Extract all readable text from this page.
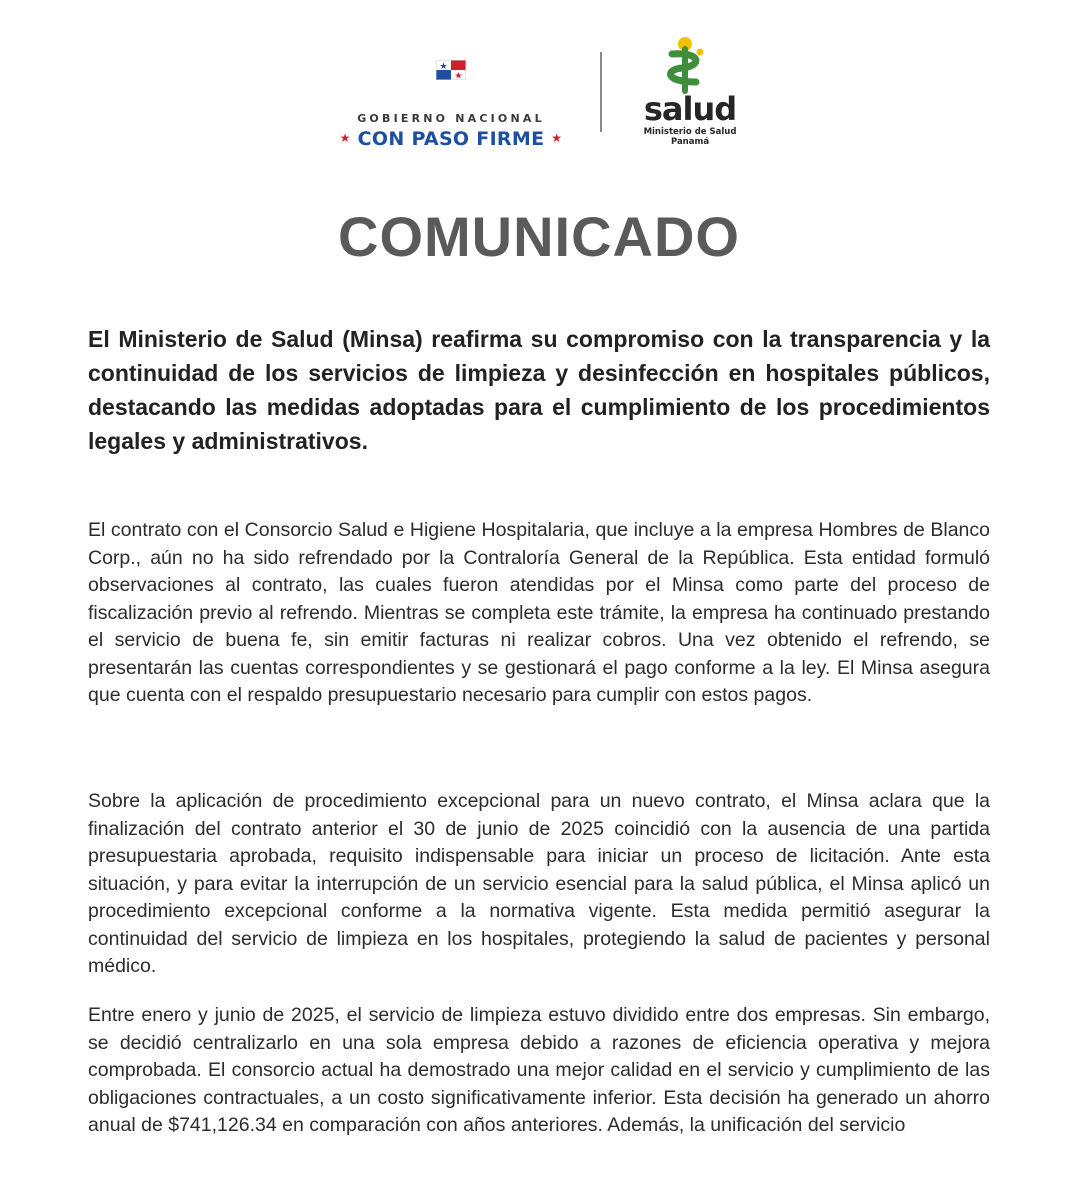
GOBIERNO NACIONAL
★ CON PASO FIRME ★
salud
Ministerio de Salud
Panamá
COMUNICADO
El Ministerio de Salud (Minsa) reafirma su compromiso con la transparencia y la continuidad de los servicios de limpieza y desinfección en hospitales públicos, destacando las medidas adoptadas para el cumplimiento de los procedimientos legales y administrativos.
El contrato con el Consorcio Salud e Higiene Hospitalaria, que incluye a la empresa Hombres de Blanco Corp., aún no ha sido refrendado por la Contraloría General de la República. Esta entidad formuló observaciones al contrato, las cuales fueron atendidas por el Minsa como parte del proceso de fiscalización previo al refrendo. Mientras se completa este trámite, la empresa ha continuado prestando el servicio de buena fe, sin emitir facturas ni realizar cobros. Una vez obtenido el refrendo, se presentarán las cuentas correspondientes y se gestionará el pago conforme a la ley. El Minsa asegura que cuenta con el respaldo presupuestario necesario para cumplir con estos pagos.
Sobre la aplicación de procedimiento excepcional para un nuevo contrato, el Minsa aclara que la finalización del contrato anterior el 30 de junio de 2025 coincidió con la ausencia de una partida presupuestaria aprobada, requisito indispensable para iniciar un proceso de licitación. Ante esta situación, y para evitar la interrupción de un servicio esencial para la salud pública, el Minsa aplicó un procedimiento excepcional conforme a la normativa vigente. Esta medida permitió asegurar la continuidad del servicio de limpieza en los hospitales, protegiendo la salud de pacientes y personal médico.
Entre enero y junio de 2025, el servicio de limpieza estuvo dividido entre dos empresas. Sin embargo, se decidió centralizarlo en una sola empresa debido a razones de eficiencia operativa y mejora comprobada. El consorcio actual ha demostrado una mejor calidad en el servicio y cumplimiento de las obligaciones contractuales, a un costo significativamente inferior. Esta decisión ha generado un ahorro anual de $741,126.34 en comparación con años anteriores. Además, la unificación del servicio
